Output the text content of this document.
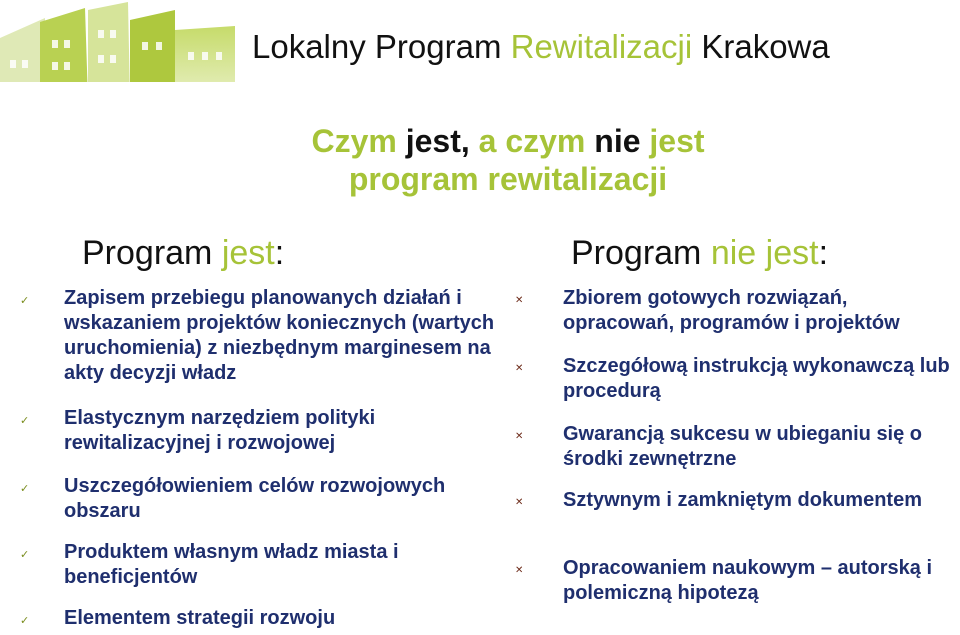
Lokalny Program Rewitalizacji Krakowa
Czym jest, a czym nie jest
program rewitalizacji
Program jest:	Program nie jest:
✓ Zapisem przebiegu planowanych działań i wskazaniem projektów koniecznych (wartych uruchomienia) z niezbędnym marginesem na akty decyzji władz
✓ Elastycznym narzędziem polityki rewitalizacyjnej i rozwojowej
✓ Uszczegółowieniem celów rozwojowych obszaru
✓ Produktem własnym władz miasta i beneficjentów
✓ Elementem strategii rozwoju
✕ Zbiorem gotowych rozwiązań, opracowań, programów i projektów
✕ Szczegółową instrukcją wykonawczą lub procedurą
✕ Gwarancją sukcesu w ubieganiu się o środki zewnętrzne
✕ Sztywnym i zamkniętym dokumentem
✕ Opracowaniem naukowym – autorską i polemiczną hipotezą
